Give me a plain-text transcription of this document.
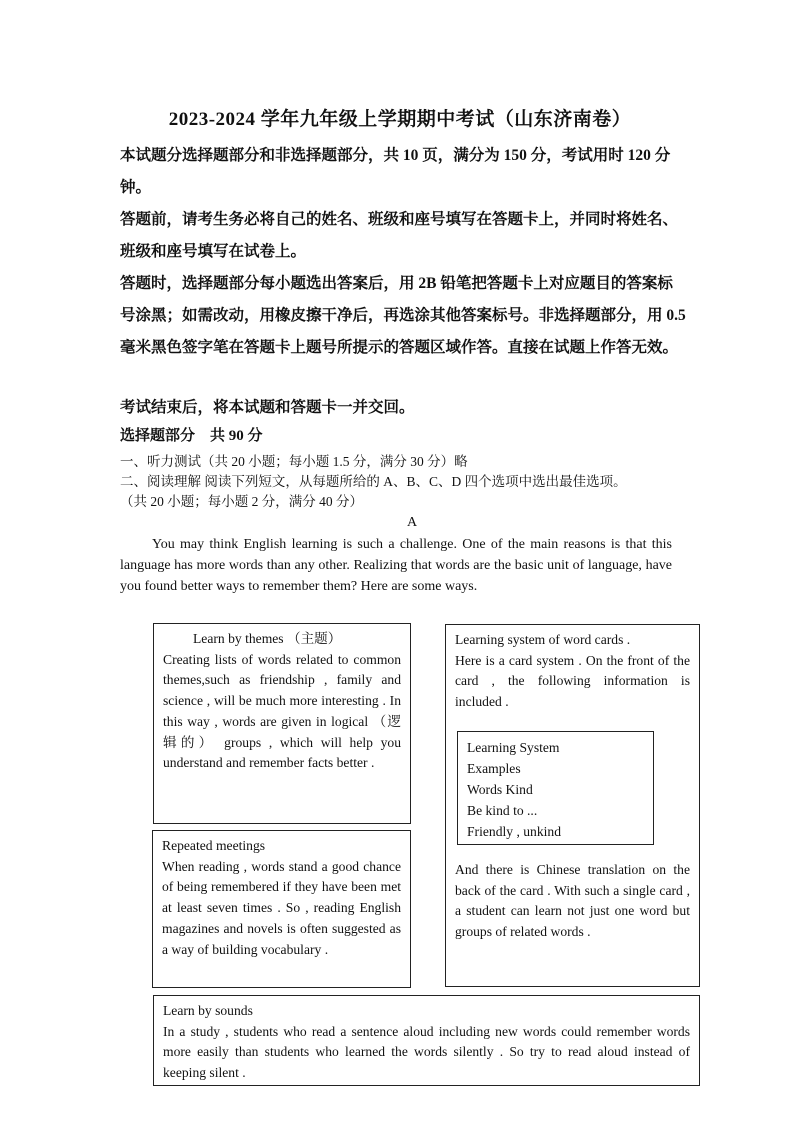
2023-2024 学年九年级上学期期中考试（山东济南卷）

本试题分选择题部分和非选择题部分，共 10 页，满分为 150 分，考试用时 120 分钟。

答题前，请考生务必将自己的姓名、班级和座号填写在答题卡上，并同时将姓名、班级和座号填写在试卷上。

答题时，选择题部分每小题选出答案后，用 2B 铅笔把答题卡上对应题目的答案标号涂黑；如需改动，用橡皮擦干净后，再选涂其他答案标号。非选择题部分，用 0.5 毫米黑色签字笔在答题卡上题号所提示的答题区域作答。直接在试题上作答无效。

考试结束后，将本试题和答题卡一并交回。

选择题部分　共 90 分

一、听力测试（共 20 小题；每小题 1.5 分，满分 30 分）略

二、阅读理解 阅读下列短文，从每题所给的 A、B、C、D 四个选项中选出最佳选项。

（共 20 小题；每小题 2 分，满分 40 分）

A

You may think English learning is such a challenge. One of the main reasons is that this language has more words than any other. Realizing that words are the basic unit of language, have you found better ways to remember them? Here are some ways.

Learn by themes （主题）

Creating lists of words related to common themes,such as friendship , family and science , will be much more interesting . In this way , words are given in logical （逻辑的） groups , which will help you understand and remember facts better .

Repeated meetings

When reading , words stand a good chance of being remembered if they have been met at least seven times . So , reading English magazines and novels is often suggested as a way of building vocabulary .

Learning system of word cards .

Here is a card system . On the front of the card , the following information is included .

Learning System
Examples
Words Kind
Be kind to ...
Friendly , unkind

And there is Chinese translation on the back of the card . With such a single card , a student can learn not just one word but groups of related words .

Learn by sounds

In a study , students who read a sentence aloud including new words could remember words more easily than students who learned the words silently . So try to read aloud instead of keeping silent .
